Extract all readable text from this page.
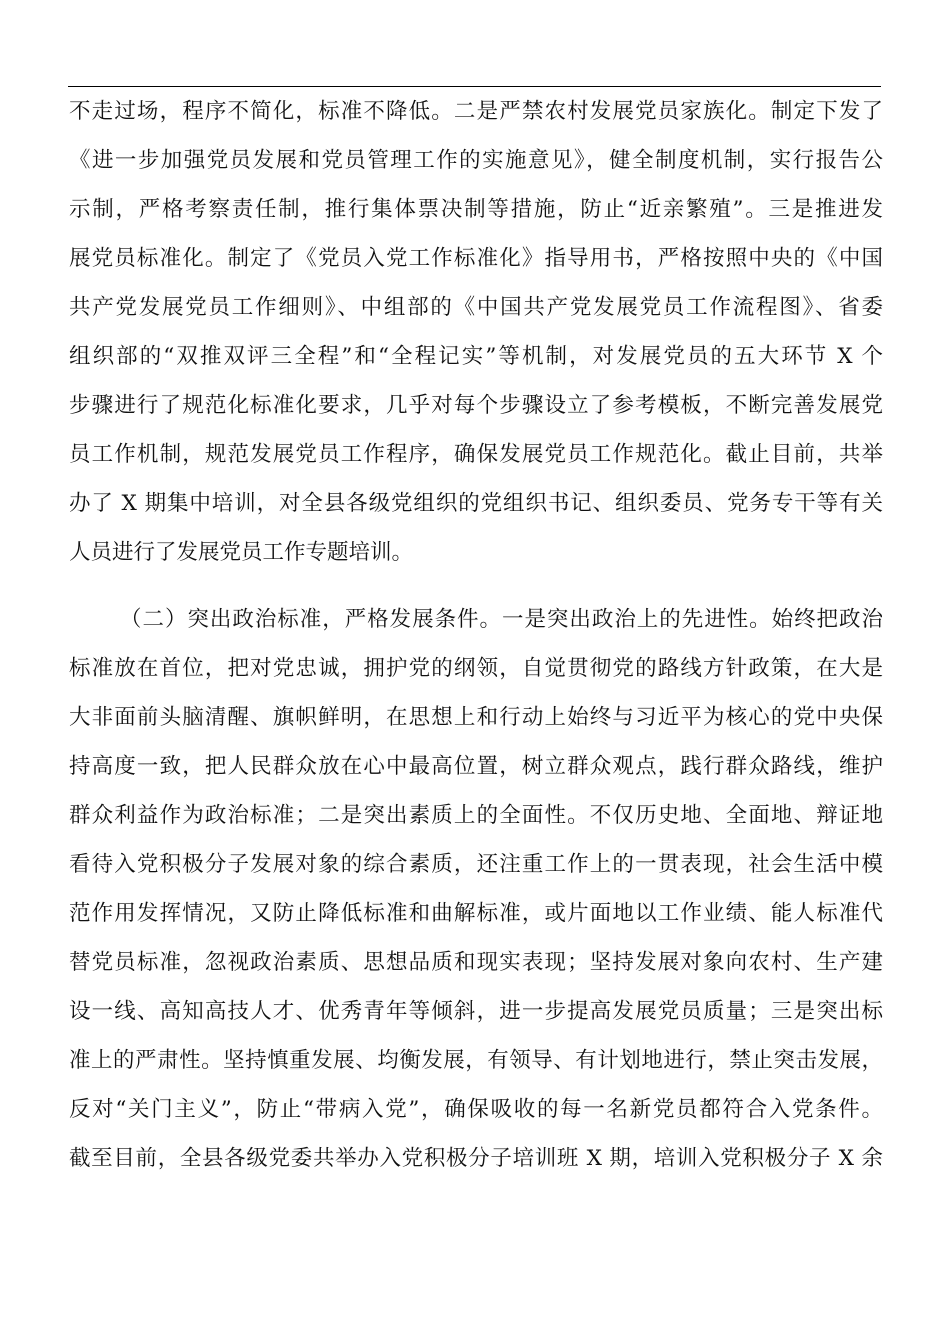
不走过场，程序不简化，标准不降低。二是严禁农村发展党员家族化。制定下发了
《进一步加强党员发展和党员管理工作的实施意见》，健全制度机制，实行报告公
示制，严格考察责任制，推行集体票决制等措施，防止“近亲繁殖”。三是推进发
展党员标准化。制定了《党员入党工作标准化》指导用书，严格按照中央的《中国
共产党发展党员工作细则》、中组部的《中国共产党发展党员工作流程图》、省委
组织部的“双推双评三全程”和“全程记实”等机制，对发展党员的五大环节 X 个
步骤进行了规范化标准化要求，几乎对每个步骤设立了参考模板，不断完善发展党
员工作机制，规范发展党员工作程序，确保发展党员工作规范化。截止目前，共举
办了 X 期集中培训，对全县各级党组织的党组织书记、组织委员、党务专干等有关
人员进行了发展党员工作专题培训。
（二）突出政治标准，严格发展条件。一是突出政治上的先进性。始终把政治
标准放在首位，把对党忠诚，拥护党的纲领，自觉贯彻党的路线方针政策，在大是
大非面前头脑清醒、旗帜鲜明，在思想上和行动上始终与习近平为核心的党中央保
持高度一致，把人民群众放在心中最高位置，树立群众观点，践行群众路线，维护
群众利益作为政治标准；二是突出素质上的全面性。不仅历史地、全面地、辩证地
看待入党积极分子发展对象的综合素质，还注重工作上的一贯表现，社会生活中模
范作用发挥情况，又防止降低标准和曲解标准，或片面地以工作业绩、能人标准代
替党员标准，忽视政治素质、思想品质和现实表现；坚持发展对象向农村、生产建
设一线、高知高技人才、优秀青年等倾斜，进一步提高发展党员质量；三是突出标
准上的严肃性。坚持慎重发展、均衡发展，有领导、有计划地进行，禁止突击发展，
反对“关门主义”，防止“带病入党”，确保吸收的每一名新党员都符合入党条件。
截至目前，全县各级党委共举办入党积极分子培训班 X 期，培训入党积极分子 X 余
